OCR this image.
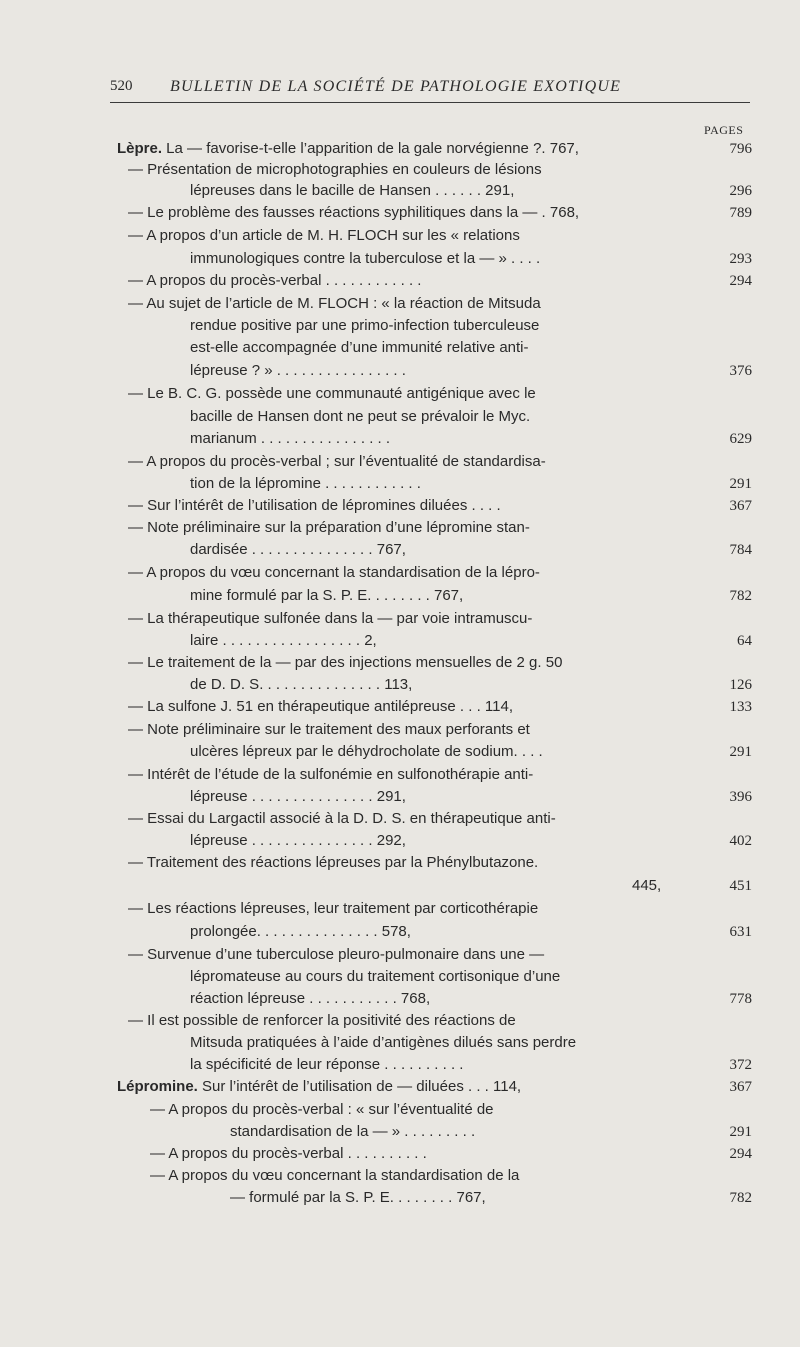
520 BULLETIN DE LA SOCIÉTÉ DE PATHOLOGIE EXOTIQUE
PAGES
Lèpre. La — favorise-t-elle l’apparition de la gale norvégienne ?. 767,	796
— Présentation de microphotographies en couleurs de lésions
lépreuses dans le bacille de Hansen . . . . . . 291,	296
— Le problème des fausses réactions syphilitiques dans la — . 768,	789
— A propos d’un article de M. H. FLOCH sur les « relations
immunologiques contre la tuberculose et la — » . . . .	293
— A propos du procès-verbal . . . . . . . . . . . .	294
— Au sujet de l’article de M. FLOCH : « la réaction de Mitsuda
rendue positive par une primo-infection tuberculeuse
est-elle accompagnée d’une immunité relative anti-
lépreuse ? » . . . . . . . . . . . . . . . .	376
— Le B. C. G. possède une communauté antigénique avec le
bacille de Hansen dont ne peut se prévaloir le Myc.
marianum . . . . . . . . . . . . . . . .	629
— A propos du procès-verbal ; sur l’éventualité de standardisa-
tion de la lépromine . . . . . . . . . . . .	291
— Sur l’intérêt de l’utilisation de lépromines diluées . . . .	367
— Note préliminaire sur la préparation d’une lépromine stan-
dardisée . . . . . . . . . . . . . . . 767,	784
— A propos du vœu concernant la standardisation de la lépro-
mine formulé par la S. P. E. . . . . . . . 767,	782
— La thérapeutique sulfonée dans la — par voie intramuscu-
laire . . . . . . . . . . . . . . . . . 2,	64
— Le traitement de la — par des injections mensuelles de 2 g. 50
de D. D. S. . . . . . . . . . . . . . . 113,	126
— La sulfone J. 51 en thérapeutique antilépreuse . . . 114,	133
— Note préliminaire sur le traitement des maux perforants et
ulcères lépreux par le déhydrocholate de sodium. . . .	291
— Intérêt de l’étude de la sulfonémie en sulfonothérapie anti-
lépreuse . . . . . . . . . . . . . . . 291,	396
— Essai du Largactil associé à la D. D. S. en thérapeutique anti-
lépreuse . . . . . . . . . . . . . . . 292,	402
— Traitement des réactions lépreuses par la Phénylbutazone.
445,	451
— Les réactions lépreuses, leur traitement par corticothérapie
prolongée. . . . . . . . . . . . . . . 578,	631
— Survenue d’une tuberculose pleuro-pulmonaire dans une —
lépromateuse au cours du traitement cortisonique d’une
réaction lépreuse . . . . . . . . . . . 768,	778
— Il est possible de renforcer la positivité des réactions de
Mitsuda pratiquées à l’aide d’antigènes dilués sans perdre
la spécificité de leur réponse . . . . . . . . . .	372
Lépromine. Sur l’intérêt de l’utilisation de — diluées . . . 114,	367
— A propos du procès-verbal : « sur l’éventualité de
standardisation de la — » . . . . . . . . .	291
— A propos du procès-verbal . . . . . . . . . .	294
— A propos du vœu concernant la standardisation de la
— formulé par la S. P. E. . . . . . . . 767,	782
